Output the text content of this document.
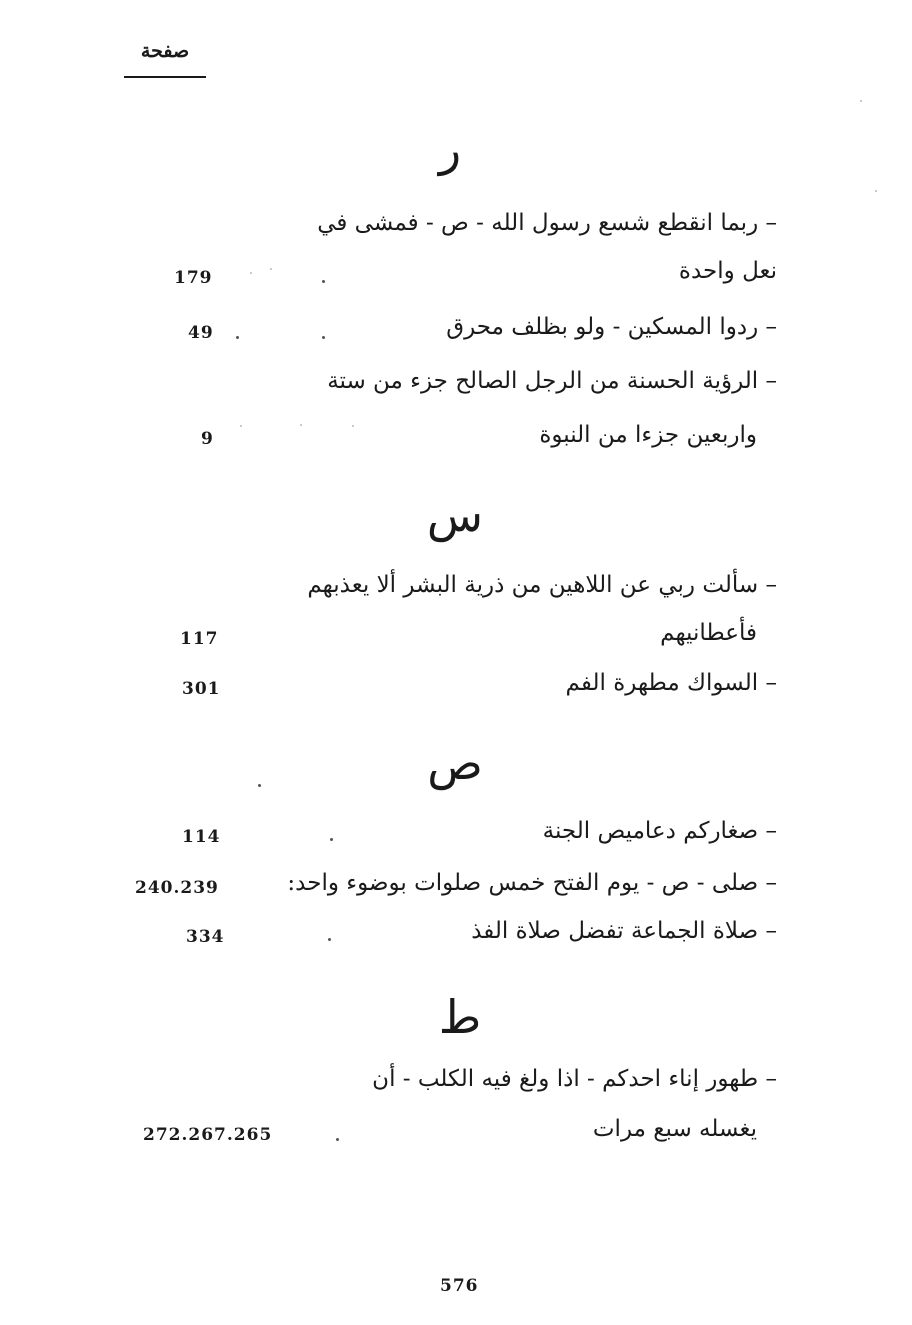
صفحة
ر
– ربما انقطع شسع رسول الله - ص - فمشى في
نعل واحدة
179
– ردوا المسكين - ولو بظلف محرق
49
– الرؤية الحسنة من الرجل الصالح جزء من ستة
واربعين جزءا من النبوة
9
س
– سألت ربي عن اللاهين من ذرية البشر ألا يعذبهم
فأعطانيهم
117
– السواك مطهرة الفم
301
ص
– صغاركم دعاميص الجنة
114
– صلى - ص - يوم الفتح خمس صلوات بوضوء واحد:
240.239
– صلاة الجماعة تفضل صلاة الفذ
334
ط
– طهور إناء احدكم - اذا ولغ فيه الكلب - أن
يغسله سبع مرات
272.267.265
576
